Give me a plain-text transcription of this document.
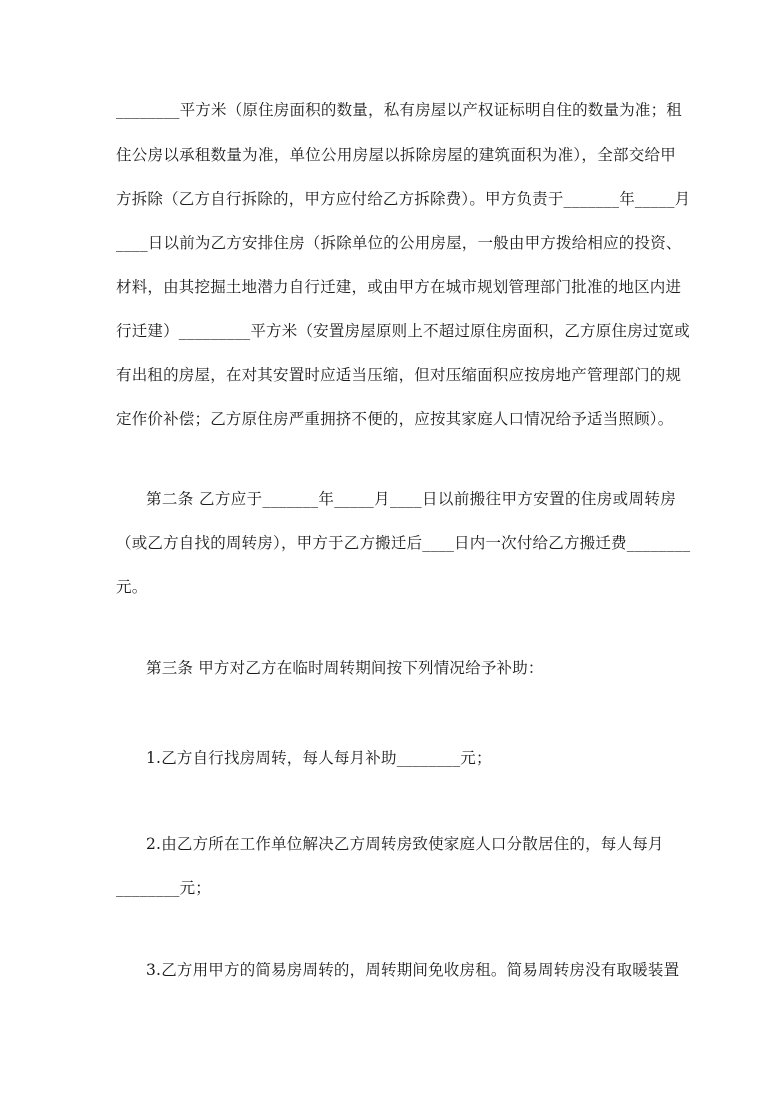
________平方米（原住房面积的数量，私有房屋以产权证标明自住的数量为准；租
住公房以承租数量为准，单位公用房屋以拆除房屋的建筑面积为准），全部交给甲
方拆除（乙方自行拆除的，甲方应付给乙方拆除费）。甲方负责于_______年_____月
____日以前为乙方安排住房（拆除单位的公用房屋，一般由甲方拨给相应的投资、
材料，由其挖掘土地潜力自行迁建，或由甲方在城市规划管理部门批准的地区内进
行迁建）_________平方米（安置房屋原则上不超过原住房面积，乙方原住房过宽或
有出租的房屋，在对其安置时应适当压缩，但对压缩面积应按房地产管理部门的规
定作价补偿；乙方原住房严重拥挤不便的，应按其家庭人口情况给予适当照顾）。
第二条 乙方应于_______年_____月____日以前搬往甲方安置的住房或周转房
（或乙方自找的周转房），甲方于乙方搬迁后____日内一次付给乙方搬迁费________
元。
第三条 甲方对乙方在临时周转期间按下列情况给予补助：
1.乙方自行找房周转，每人每月补助________元；
2.由乙方所在工作单位解决乙方周转房致使家庭人口分散居住的，每人每月
________元；
3.乙方用甲方的简易房周转的，周转期间免收房租。简易周转房没有取暖装置
